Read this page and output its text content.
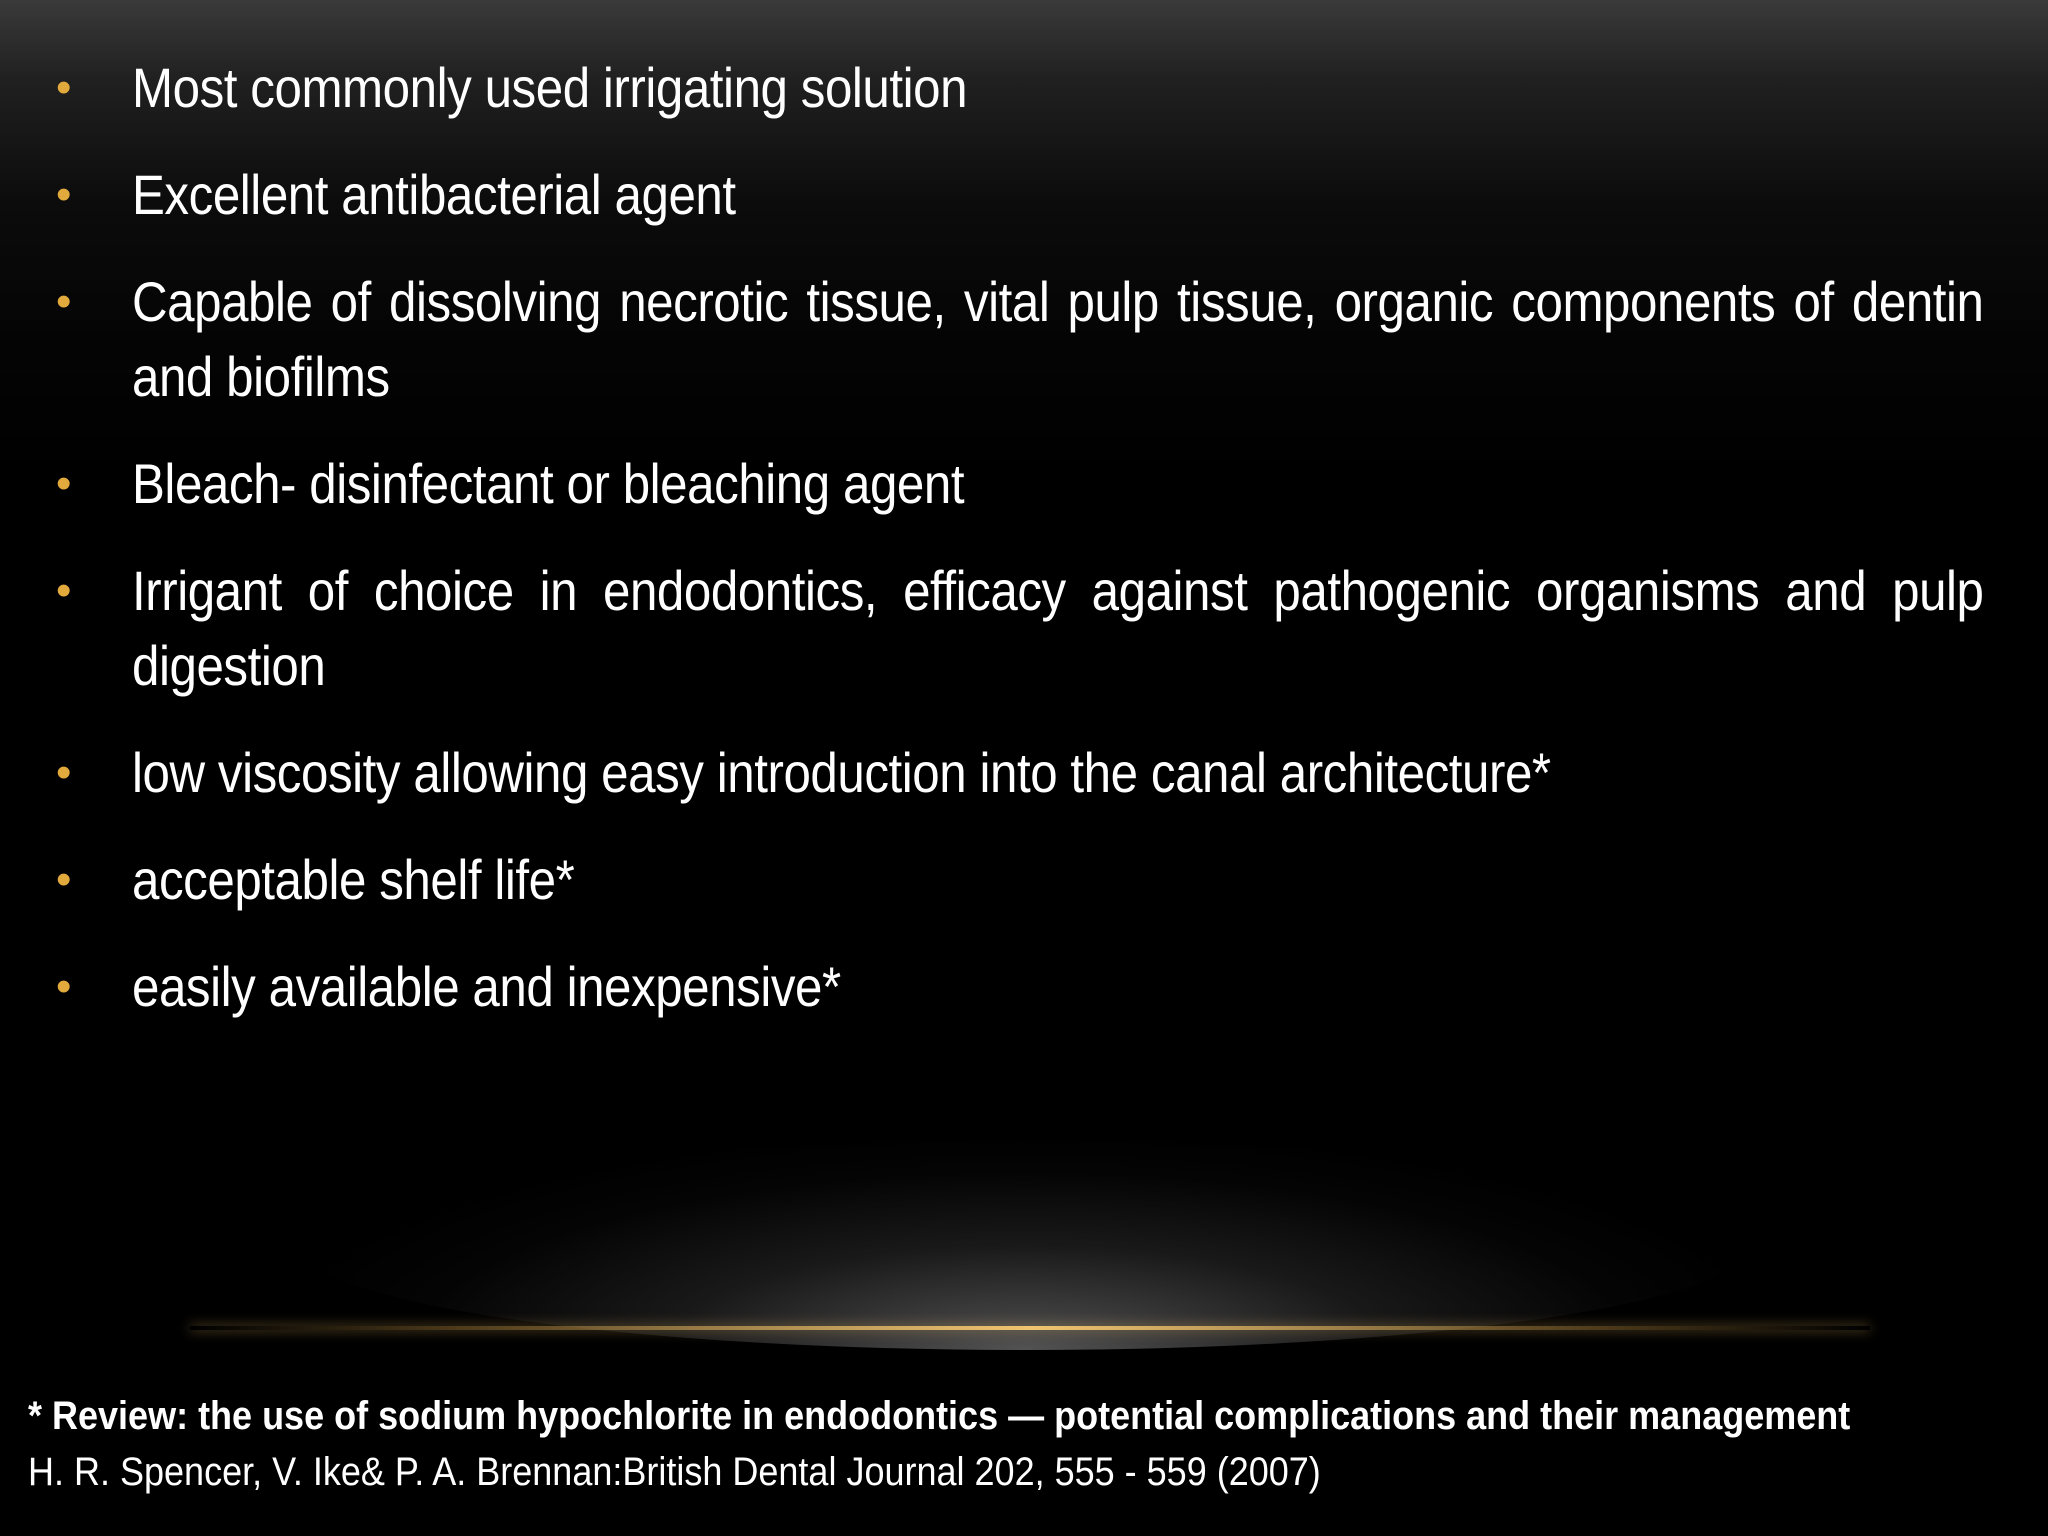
• Most commonly used irrigating solution
• Excellent antibacterial agent
• Capable of dissolving necrotic tissue, vital pulp tissue, organic components of dentin and biofilms
• Bleach- disinfectant or bleaching agent
• Irrigant of choice in endodontics, efficacy against pathogenic organisms and pulp digestion
• low viscosity allowing easy introduction into the canal architecture*
• acceptable shelf life*
• easily available and inexpensive*
* Review: the use of sodium hypochlorite in endodontics — potential complications and their management
H. R. Spencer, V. Ike& P. A. Brennan:British Dental Journal 202, 555 - 559 (2007)
